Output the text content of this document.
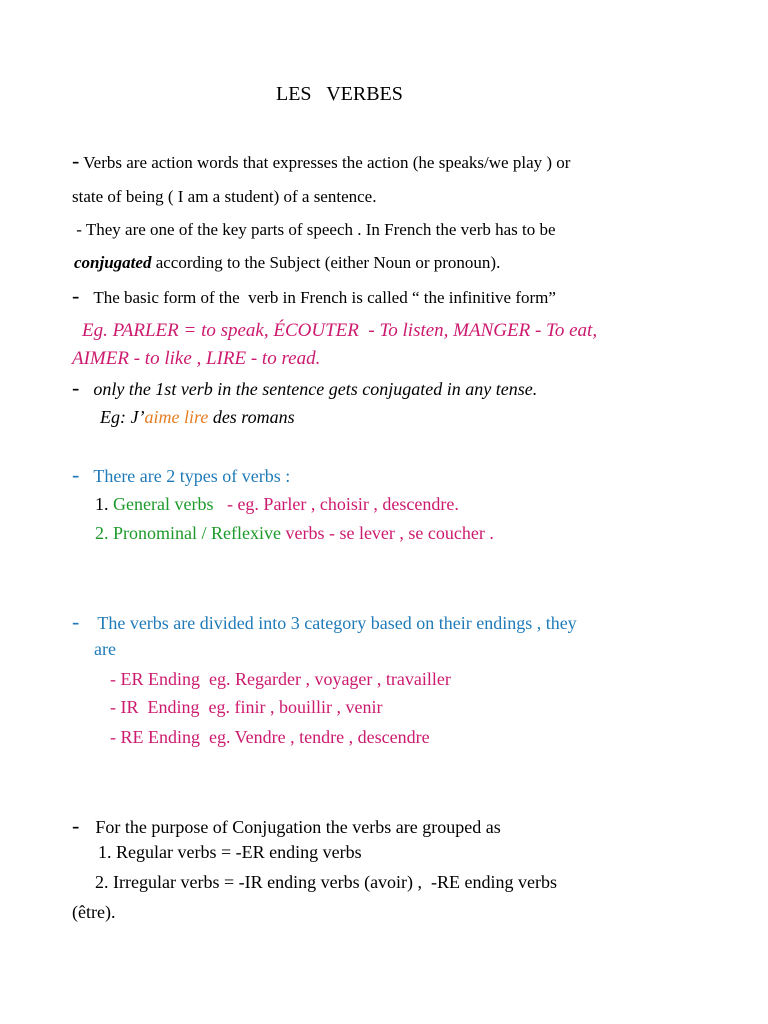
LES   VERBES
- Verbs are action words that expresses the action (he speaks/we play ) or
state of being ( I am a student) of a sentence.
- They are one of the key parts of speech . In French the verb has to be
conjugated according to the Subject (either Noun or pronoun).
- The basic form of the  verb in French is called “ the infinitive form”
Eg. PARLER = to speak, ÉCOUTER  - To listen, MANGER - To eat,
AIMER - to like , LIRE - to read.
- only the 1st verb in the sentence gets conjugated in any tense.
Eg: J’aime lire des romans
- There are 2 types of verbs :
1. General verbs   - eg. Parler , choisir , descendre.
2. Pronominal / Reflexive verbs - se lever , se coucher .
- The verbs are divided into 3 category based on their endings , they
are
- ER Ending  eg. Regarder , voyager , travailler
- IR  Ending  eg. finir , bouillir , venir
- RE Ending  eg. Vendre , tendre , descendre
- For the purpose of Conjugation the verbs are grouped as
1. Regular verbs = -ER ending verbs
2. Irregular verbs = -IR ending verbs (avoir) ,  -RE ending verbs
(être).
